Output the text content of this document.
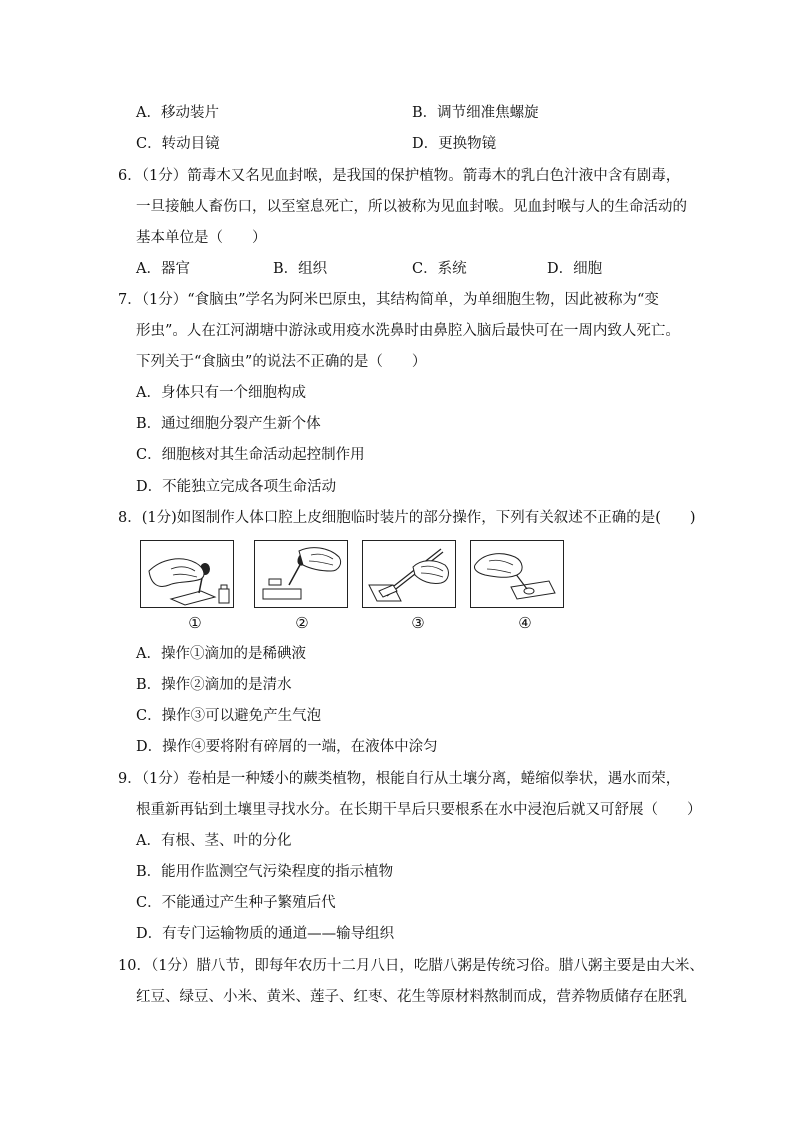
A．移动装片	B．调节细准焦螺旋
C．转动目镜	D．更换物镜
6．（1分）箭毒木又名见血封喉，是我国的保护植物。箭毒木的乳白色汁液中含有剧毒，
一旦接触人畜伤口，以至窒息死亡，所以被称为见血封喉。见血封喉与人的生命活动的
基本单位是（　　）
A．器官	B．组织	C．系统	D．细胞
7．（1分）“食脑虫”学名为阿米巴原虫，其结构简单，为单细胞生物，因此被称为“变
形虫”。人在江河湖塘中游泳或用疫水洗鼻时由鼻腔入脑后最快可在一周内致人死亡。
下列关于“食脑虫”的说法不正确的是（　　）
A．身体只有一个细胞构成
B．通过细胞分裂产生新个体
C．细胞核对其生命活动起控制作用
D．不能独立完成各项生命活动
8．(1分)如图制作人体口腔上皮细胞临时装片的部分操作，下列有关叙述不正确的是(　　)
①	②	③	④
A．操作①滴加的是稀碘液
B．操作②滴加的是清水
C．操作③可以避免产生气泡
D．操作④要将附有碎屑的一端，在液体中涂匀
9．（1分）卷柏是一种矮小的蕨类植物，根能自行从土壤分离，蜷缩似拳状，遇水而荣，
根重新再钻到土壤里寻找水分。在长期干旱后只要根系在水中浸泡后就又可舒展（　　）
A．有根、茎、叶的分化
B．能用作监测空气污染程度的指示植物
C．不能通过产生种子繁殖后代
D．有专门运输物质的通道——输导组织
10．（1分）腊八节，即每年农历十二月八日，吃腊八粥是传统习俗。腊八粥主要是由大米、
红豆、绿豆、小米、黄米、莲子、红枣、花生等原材料熬制而成，营养物质储存在胚乳
